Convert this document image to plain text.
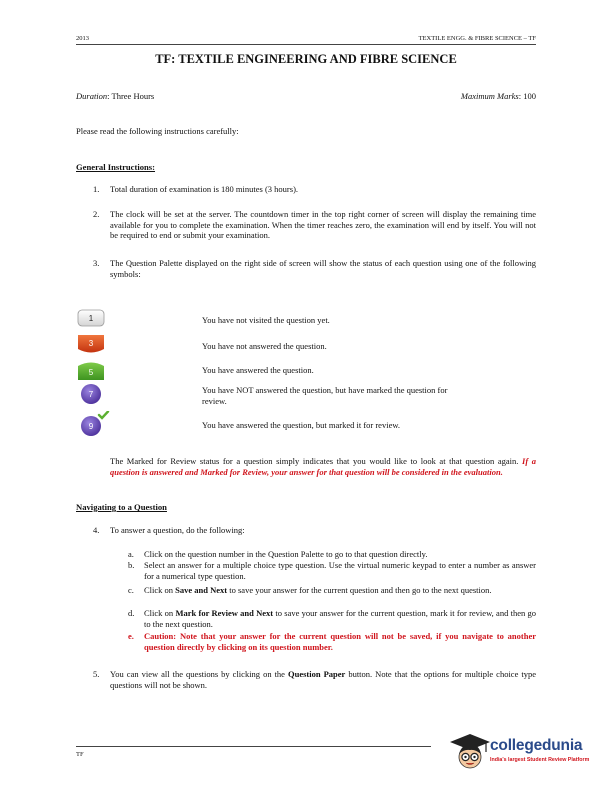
2013	TEXTILE ENGG. & FIBRE SCIENCE – TF
TF: TEXTILE ENGINEERING AND FIBRE SCIENCE
Duration: Three Hours	Maximum Marks: 100
Please read the following instructions carefully:
General Instructions:
1. Total duration of examination is 180 minutes (3 hours).
2. The clock will be set at the server. The countdown timer in the top right corner of screen will display the remaining time available for you to complete the examination. When the timer reaches zero, the examination will end by itself. You will not be required to end or submit your examination.
3. The Question Palette displayed on the right side of screen will show the status of each question using one of the following symbols:
1
3
5
7
9
You have not visited the question yet.
You have not answered the question.
You have answered the question.
You have NOT answered the question, but have marked the question for review.
You have answered the question, but marked it for review.
The Marked for Review status for a question simply indicates that you would like to look at that question again. If a question is answered and Marked for Review, your answer for that question will be considered in the evaluation.
Navigating to a Question
4. To answer a question, do the following:
a. Click on the question number in the Question Palette to go to that question directly.
b. Select an answer for a multiple choice type question. Use the virtual numeric keypad to enter a number as answer for a numerical type question.
c. Click on Save and Next to save your answer for the current question and then go to the next question.
d. Click on Mark for Review and Next to save your answer for the current question, mark it for review, and then go to the next question.
e. Caution: Note that your answer for the current question will not be saved, if you navigate to another question directly by clicking on its question number.
5. You can view all the questions by clicking on the Question Paper button. Note that the options for multiple choice type questions will not be shown.
TF
collegedunia
India's largest Student Review Platform
